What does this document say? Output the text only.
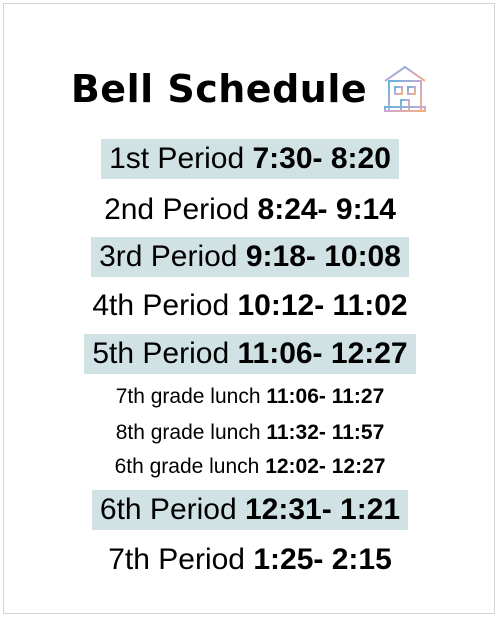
Bell Schedule
1st Period 7:30- 8:20
2nd Period 8:24- 9:14
3rd Period 9:18- 10:08
4th Period 10:12- 11:02
5th Period 11:06- 12:27
7th grade lunch 11:06- 11:27
8th grade lunch 11:32- 11:57
6th grade lunch 12:02- 12:27
6th Period 12:31- 1:21
7th Period 1:25- 2:15
